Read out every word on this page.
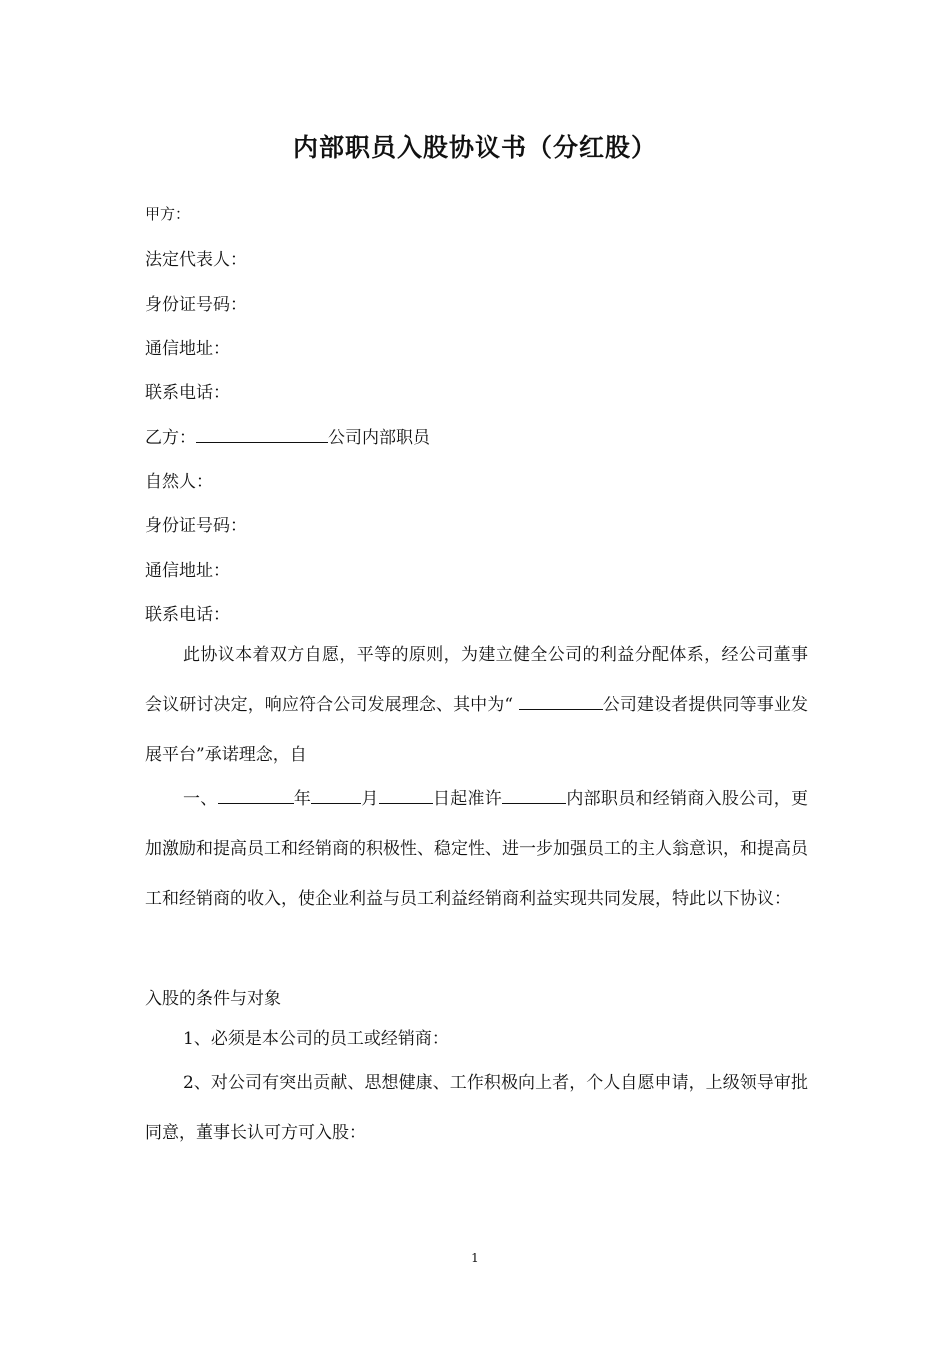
内部职员入股协议书（分红股）
甲方：
法定代表人：
身份证号码：
通信地址：
联系电话：
乙方：	公司内部职员
自然人：
身份证号码：
通信地址：
联系电话：
此协议本着双方自愿，平等的原则，为建立健全公司的利益分配体系，经公司董事会议研讨决定，响应符合公司发展理念、其中为“	公司建设者提供同等事业发展平台”承诺理念，自
一、	年	月	日起准许	内部职员和经销商入股公司，更加激励和提高员工和经销商的积极性、稳定性、进一步加强员工的主人翁意识，和提高员工和经销商的收入，使企业利益与员工利益经销商利益实现共同发展，特此以下协议：
入股的条件与对象
1、必须是本公司的员工或经销商：
2、对公司有突出贡献、思想健康、工作积极向上者，个人自愿申请，上级领导审批同意，董事长认可方可入股：
1
